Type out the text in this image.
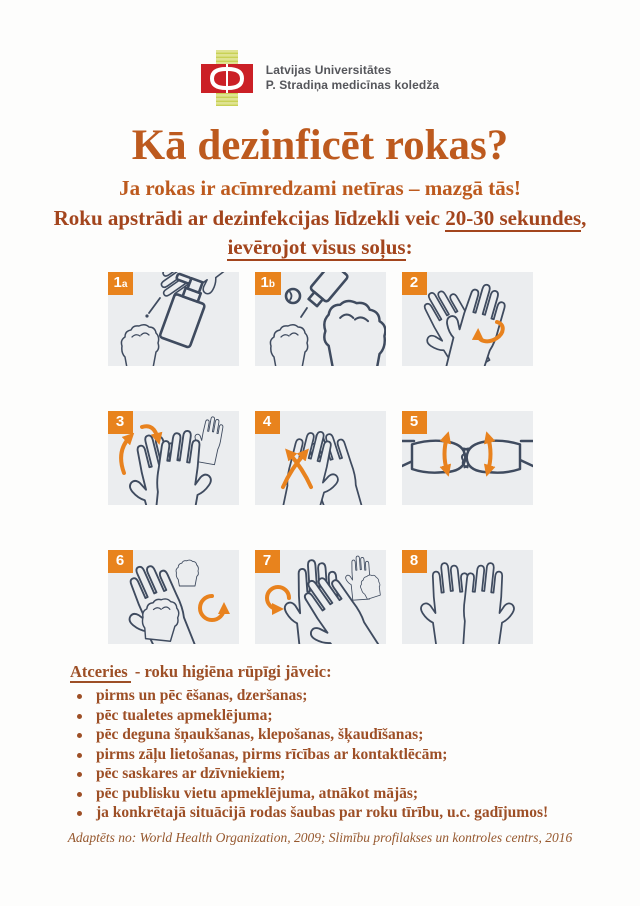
Latvijas Universitātes
P. Stradiņa medicīnas koledža
Kā dezinficēt rokas?
Ja rokas ir acīmredzami netīras – mazgā tās!

Roku apstrādi ar dezinfekcijas līdzekli veic 20-30 sekundes,
ievērojot visus soļus:

1a	1b	2
3	4	5
6	7	8

Atceries - roku higiēna rūpīgi jāveic:

pirms un pēc ēšanas, dzeršanas;
pēc tualetes apmeklējuma;
pēc deguna šņaukšanas, klepošanas, šķaudīšanas;
pirms zāļu lietošanas, pirms rīcības ar kontaktlēcām;
pēc saskares ar dzīvniekiem;
pēc publisku vietu apmeklējuma, atnākot mājās;
ja konkrētajā situācijā rodas šaubas par roku tīrību, u.c. gadījumos!

Adaptēts no: World Health Organization, 2009; Slimību profilakses un kontroles centrs, 2016
